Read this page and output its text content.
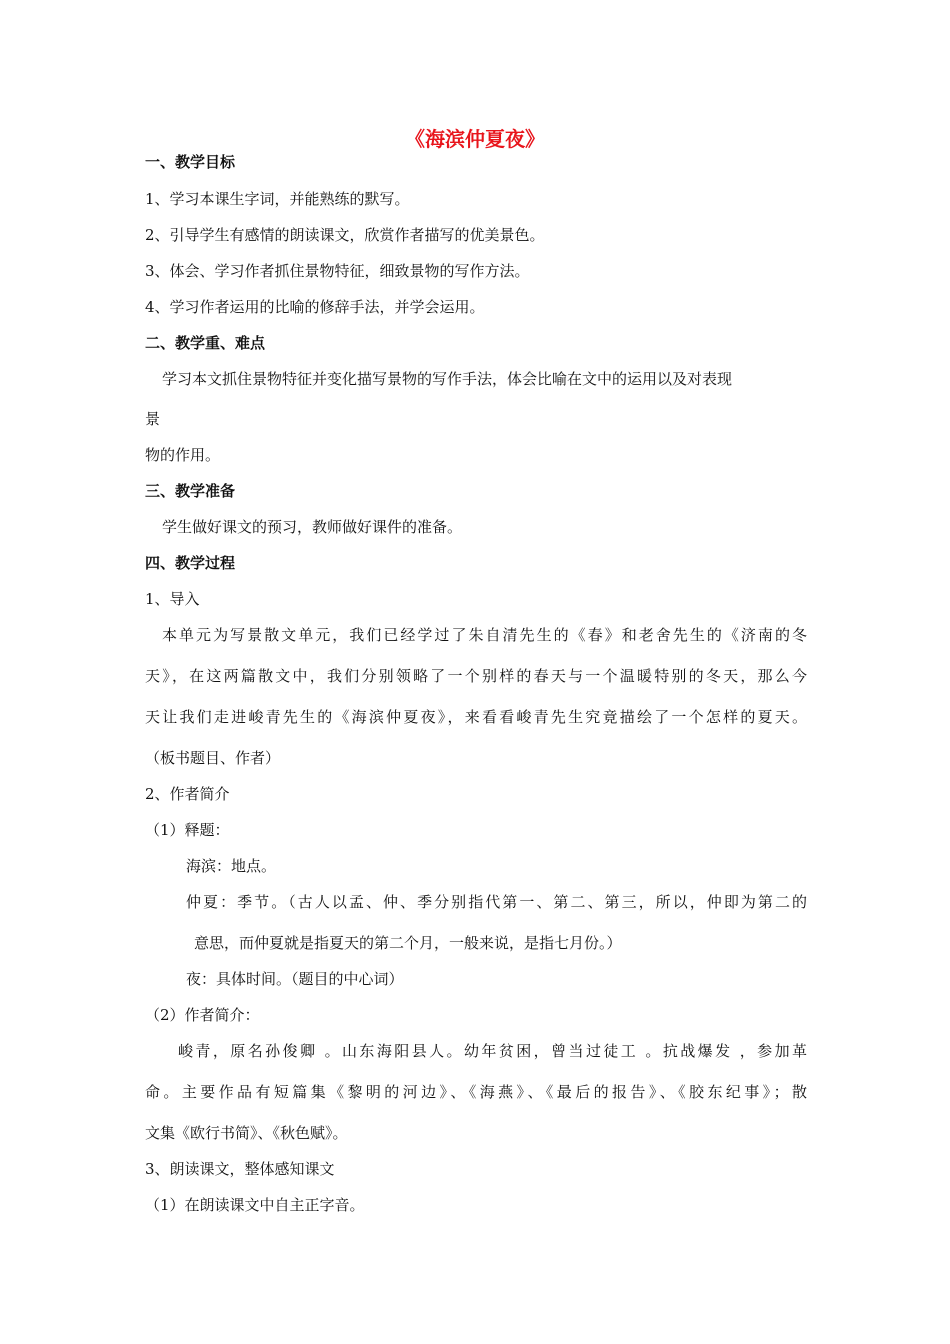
《海滨仲夏夜》
一、教学目标
1、学习本课生字词，并能熟练的默写。
2、引导学生有感情的朗读课文，欣赏作者描写的优美景色。
3、体会、学习作者抓住景物特征，细致景物的写作方法。
4、学习作者运用的比喻的修辞手法，并学会运用。
二、教学重、难点
学习本文抓住景物特征并变化描写景物的写作手法，体会比喻在文中的运用以及对表现
景
物的作用。
三、教学准备
学生做好课文的预习，教师做好课件的准备。
四、教学过程
1、导入
本单元为写景散文单元，我们已经学过了朱自清先生的《春》和老舍先生的《济南的冬
天》，在这两篇散文中，我们分别领略了一个别样的春天与一个温暖特别的冬天，那么今
天让我们走进峻青先生的《海滨仲夏夜》，来看看峻青先生究竟描绘了一个怎样的夏天。
（板书题目、作者）
2、作者简介
（1）释题：
海滨：地点。
仲夏：季节。（古人以孟、仲、季分别指代第一、第二、第三，所以，仲即为第二的
意思，而仲夏就是指夏天的第二个月，一般来说，是指七月份。）
夜：具体时间。（题目的中心词）
（2）作者简介：
峻青，原名孙俊卿 。山东海阳县人。幼年贫困，曾当过徒工 。抗战爆发 ，参加革
命。主要作品有短篇集《黎明的河边》、《海燕》、《最后的报告》、《胶东纪事》；散
文集《欧行书简》、《秋色赋》。
3、朗读课文，整体感知课文
（1）在朗读课文中自主正字音。
